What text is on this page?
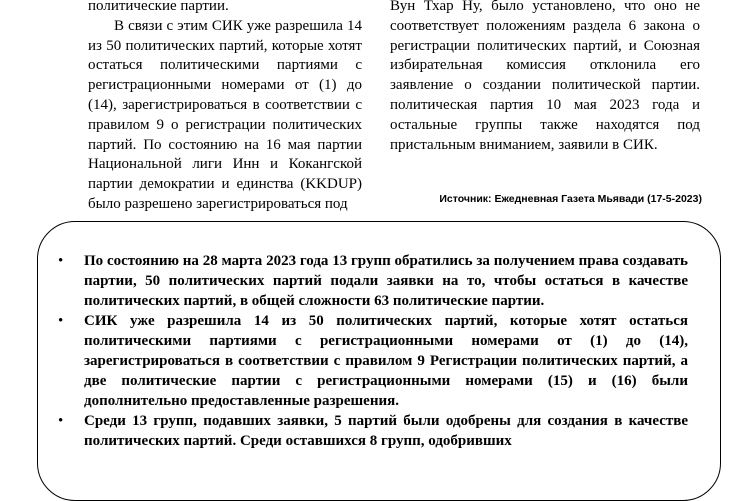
политические партии.

В связи с этим СИК уже разрешила 14 из 50 политических партий, которые хотят остаться политическими партиями с регистрационными номерами от (1) до (14), зарегистрироваться в соответствии с правилом 9 о регистрации политических партий. По состоянию на 16 мая партии Национальной лиги Инн и Кокангской партии демократии и единства (KKDUP) было разрешено зарегистрироваться под

Вун Тхар Ну, было установлено, что оно не соответствует положениям раздела 6 закона о регистрации политических партий, и Союзная избирательная комиссия отклонила его заявление о создании политической партии. политическая партия 10 мая 2023 года и остальные группы также находятся под пристальным вниманием, заявили в СИК.

Источник: Ежедневная Газета Мьявади (17-5-2023)
• По состоянию на 28 марта 2023 года 13 групп обратились за получением права создавать партии, 50 политических партий подали заявки на то, чтобы остаться в качестве политических партий, в общей сложности 63 политические партии.
• СИК уже разрешила 14 из 50 политических партий, которые хотят остаться политическими партиями с регистрационными номерами от (1) до (14), зарегистрироваться в соответствии с правилом 9 Регистрации политических партий, а две политические партии с регистрационными номерами (15) и (16) были дополнительно предоставленные разрешения.
• Среди 13 групп, подавших заявки, 5 партий были одобрены для создания в качестве политических партий. Среди оставшихся 8 групп, одобривших
